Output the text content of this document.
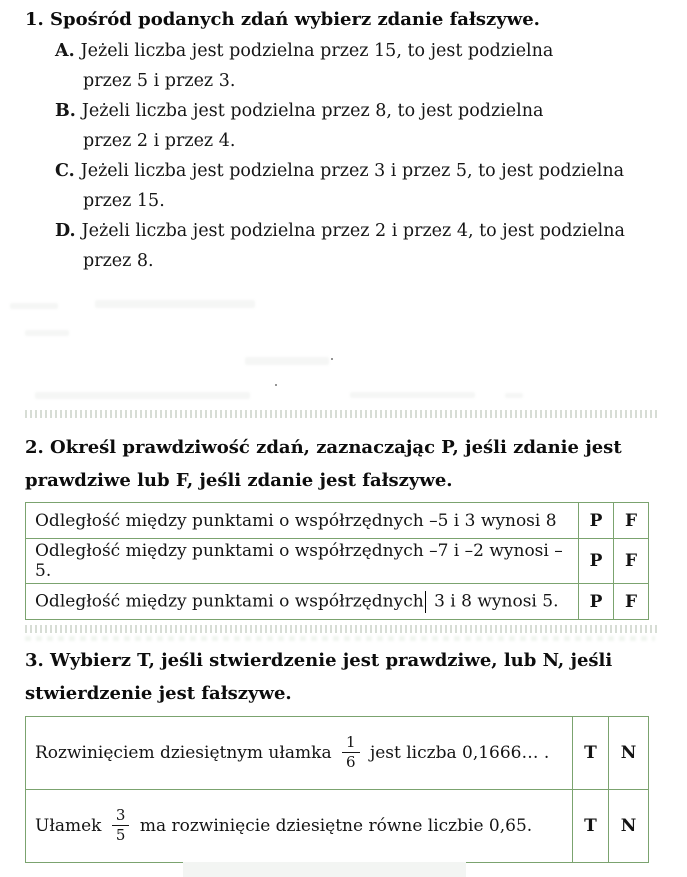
1. Spośród podanych zdań wybierz zdanie fałszywe.
A. Jeżeli liczba jest podzielna przez 15, to jest podzielna
przez 5 i przez 3.
B. Jeżeli liczba jest podzielna przez 8, to jest podzielna
przez 2 i przez 4.
C. Jeżeli liczba jest podzielna przez 3 i przez 5, to jest podzielna
przez 15.
D. Jeżeli liczba jest podzielna przez 2 i przez 4, to jest podzielna
przez 8.
2. Określ prawdziwość zdań, zaznaczając P, jeśli zdanie jest
prawdziwe lub F, jeśli zdanie jest fałszywe.
Odległość między punktami o współrzędnych –5 i 3 wynosi 8	P	F
Odległość między punktami o współrzędnych –7 i –2 wynosi –5.	P	F
Odległość między punktami o współrzędnych 3 i 8 wynosi 5.	P	F
3. Wybierz T, jeśli stwierdzenie jest prawdziwe, lub N, jeśli
stwierdzenie jest fałszywe.
Rozwinięciem dziesiętnym ułamka $\frac{1}{6}$ jest liczba 0,1666… .	T	N
Ułamek $\frac{3}{5}$ ma rozwinięcie dziesiętne równe liczbie 0,65.	T	N
